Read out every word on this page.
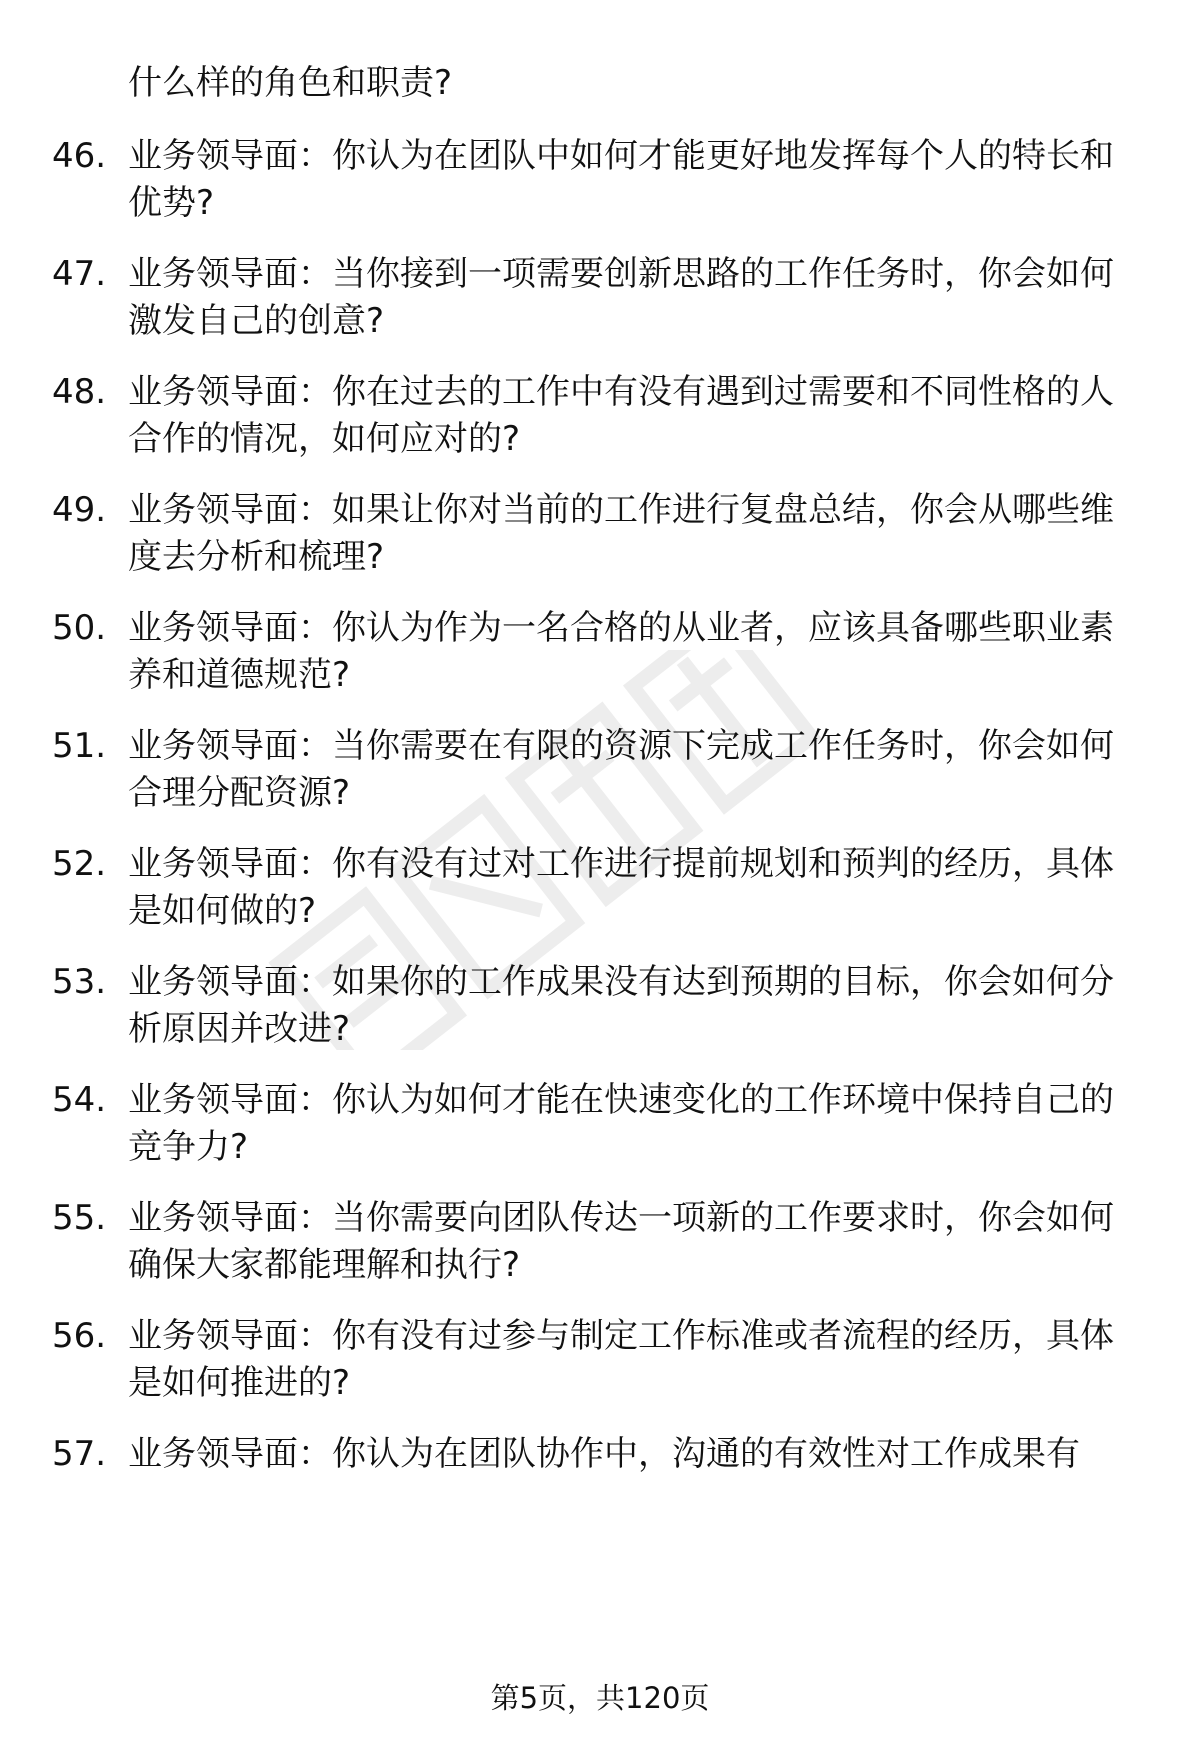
什么样的角色和职责?

46. 业务领导面：你认为在团队中如何才能更好地发挥每个人的特长和优势?
47. 业务领导面：当你接到一项需要创新思路的工作任务时，你会如何激发自己的创意?
48. 业务领导面：你在过去的工作中有没有遇到过需要和不同性格的人合作的情况，如何应对的?
49. 业务领导面：如果让你对当前的工作进行复盘总结，你会从哪些维度去分析和梳理?
50. 业务领导面：你认为作为一名合格的从业者，应该具备哪些职业素养和道德规范?
51. 业务领导面：当你需要在有限的资源下完成工作任务时，你会如何合理分配资源?
52. 业务领导面：你有没有过对工作进行提前规划和预判的经历，具体是如何做的?
53. 业务领导面：如果你的工作成果没有达到预期的目标，你会如何分析原因并改进?
54. 业务领导面：你认为如何才能在快速变化的工作环境中保持自己的竞争力?
55. 业务领导面：当你需要向团队传达一项新的工作要求时，你会如何确保大家都能理解和执行?
56. 业务领导面：你有没有过参与制定工作标准或者流程的经历，具体是如何推进的?
57. 业务领导面：你认为在团队协作中，沟通的有效性对工作成果有
第5页，共120页
